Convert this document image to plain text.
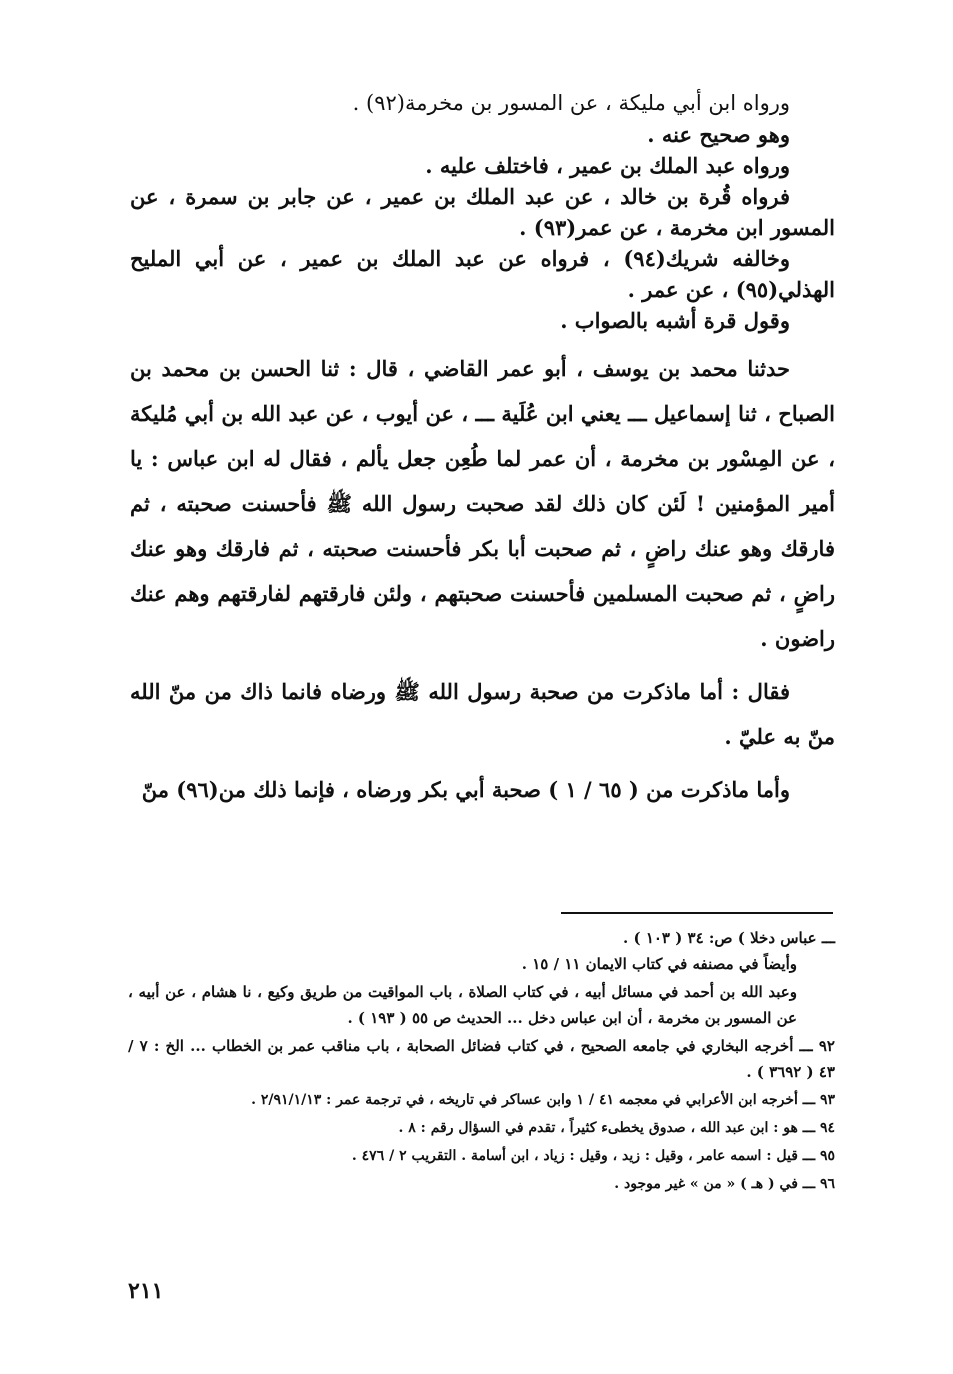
ورواه ابن أبي مليكة ، عن المسور بن مخرمة(٩٢) .

وهو صحيح عنه .

ورواه عبد الملك بن عمير ، فاختلف عليه .

فرواه قُرة بن خالد ، عن عبد الملك بن عمير ، عن جابر بن سمرة ، عن المسور ابن مخرمة ، عن عمر(٩٣) .

وخالفه شريك(٩٤) ، فرواه عن عبد الملك بن عمير ، عن أبي المليح الهذلي(٩٥) ، عن عمر .

وقول قرة أشبه بالصواب .

حدثنا محمد بن يوسف ، أبو عمر القاضي ، قال : ثنا الحسن بن محمد بن الصباح ، ثنا إسماعيل ـــ يعني ابن عُلَية ـــ ، عن أيوب ، عن عبد الله بن أبي مُليكة ، عن المِسْور بن مخرمة ، أن عمر لما طُعِن جعل يألم ، فقال له ابن عباس : يا أمير المؤمنين ! لَئن كان ذلك لقد صحبت رسول الله ﷺ فأحسنت صحبته ، ثم فارقك وهو عنك راضٍ ، ثم صحبت أبا بكر فأحسنت صحبته ، ثم فارقك وهو عنك راضٍ ، ثم صحبت المسلمين فأحسنت صحبتهم ، ولئن فارقتهم لفارقتهم وهم عنك راضون .

فقال : أما ماذكرت من صحبة رسول الله ﷺ ورضاه فانما ذاك من منّ الله منّ به عليّ .

وأما ماذكرت من ( ٦٥ / ١ ) صحبة أبي بكر ورضاه ، فإنما ذلك من(٩٦) منّ

ـــ عباس دخلا ) ص: ٣٤ ( ١٠٣ ) .

وأيضاً في مصنفه في كتاب الايمان ١١ / ١٥ .

وعبد الله بن أحمد في مسائل أبيه ، في كتاب الصلاة ، باب المواقيت من طريق وكيع ، نا هشام ، عن أبيه ، عن المسور بن مخرمة ، أن ابن عباس دخل ... الحديث ص ٥٥ ( ١٩٣ ) .

٩٢ ـــ أخرجه البخاري في جامعه الصحيح ، في كتاب فضائل الصحابة ، باب مناقب عمر بن الخطاب ... الخ : ٧ / ٤٣ ( ٣٦٩٢ ) .

٩٣ ـــ أخرجه ابن الأعرابي في معجمه ٤١ / ١ وابن عساكر في تاريخه ، في ترجمة عمر : ٢/٩١/١/١٣ .

٩٤ ـــ هو : ابن عبد الله ، صدوق يخطىء كثيراً ، تقدم في السؤال رقم : ٨ .

٩٥ ـــ قيل : اسمه عامر ، وقيل : زيد ، وقيل : زياد ، ابن أسامة . التقريب ٢ / ٤٧٦ .

٩٦ ـــ في ( هـ ) « من » غير موجود .

٢١١
